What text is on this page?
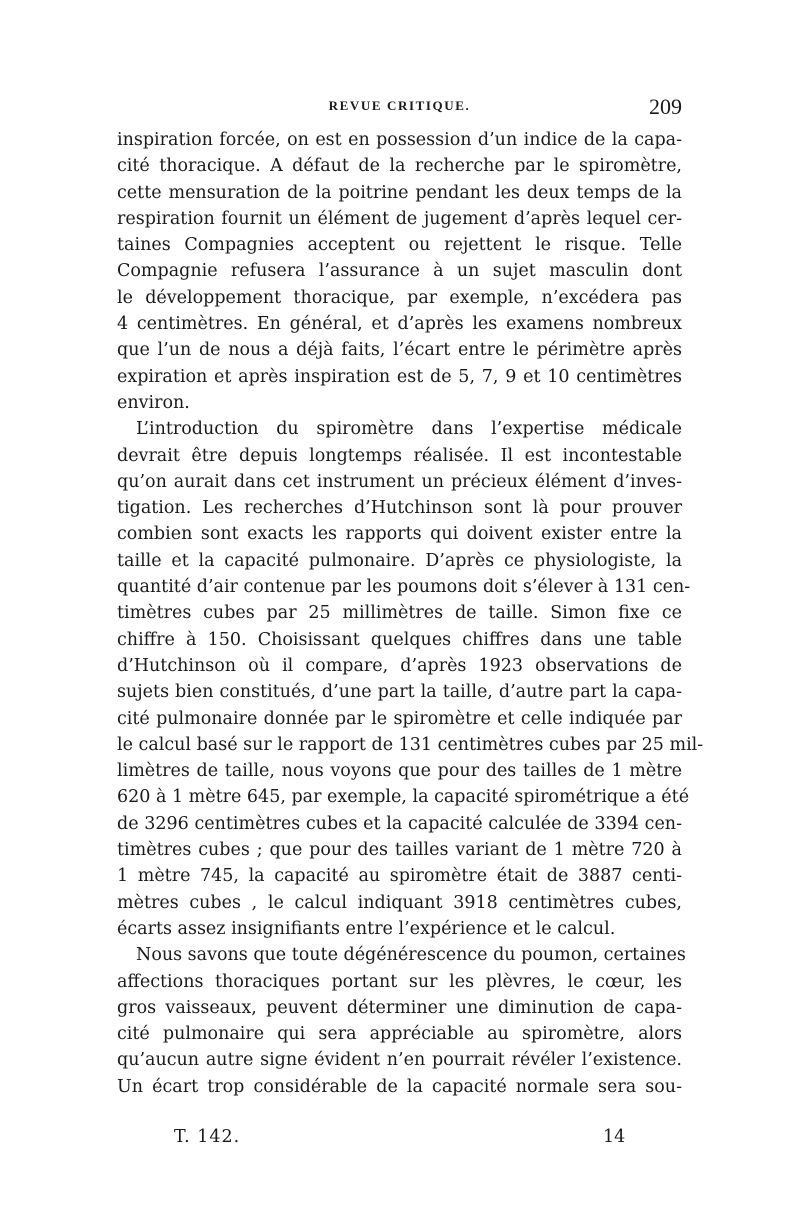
REVUE CRITIQUE.	209
inspiration forcée, on est en possession d’un indice de la capa-
cité thoracique. A défaut de la recherche par le spiromètre,
cette mensuration de la poitrine pendant les deux temps de la
respiration fournit un élément de jugement d’après lequel cer-
taines Compagnies acceptent ou rejettent le risque. Telle
Compagnie refusera l’assurance à un sujet masculin dont
le développement thoracique, par exemple, n’excédera pas
4 centimètres. En général, et d’après les examens nombreux
que l’un de nous a déjà faits, l’écart entre le périmètre après
expiration et après inspiration est de 5, 7, 9 et 10 centimètres
environ.
L’introduction du spiromètre dans l’expertise médicale
devrait être depuis longtemps réalisée. Il est incontestable
qu’on aurait dans cet instrument un précieux élément d’inves-
tigation. Les recherches d’Hutchinson sont là pour prouver
combien sont exacts les rapports qui doivent exister entre la
taille et la capacité pulmonaire. D’après ce physiologiste, la
quantité d’air contenue par les poumons doit s’élever à 131 cen-
timètres cubes par 25 millimètres de taille. Simon fixe ce
chiffre à 150. Choisissant quelques chiffres dans une table
d’Hutchinson où il compare, d’après 1923 observations de
sujets bien constitués, d’une part la taille, d’autre part la capa-
cité pulmonaire donnée par le spiromètre et celle indiquée par
le calcul basé sur le rapport de 131 centimètres cubes par 25 mil-
limètres de taille, nous voyons que pour des tailles de 1 mètre
620 à 1 mètre 645, par exemple, la capacité spirométrique a été
de 3296 centimètres cubes et la capacité calculée de 3394 cen-
timètres cubes ; que pour des tailles variant de 1 mètre 720 à
1 mètre 745, la capacité au spiromètre était de 3887 centi-
mètres cubes , le calcul indiquant 3918 centimètres cubes,
écarts assez insignifiants entre l’expérience et le calcul.
Nous savons que toute dégénérescence du poumon, certaines
affections thoraciques portant sur les plèvres, le cœur, les
gros vaisseaux, peuvent déterminer une diminution de capa-
cité pulmonaire qui sera appréciable au spiromètre, alors
qu’aucun autre signe évident n’en pourrait révéler l’existence.
Un écart trop considérable de la capacité normale sera sou-
T. 142.	14
